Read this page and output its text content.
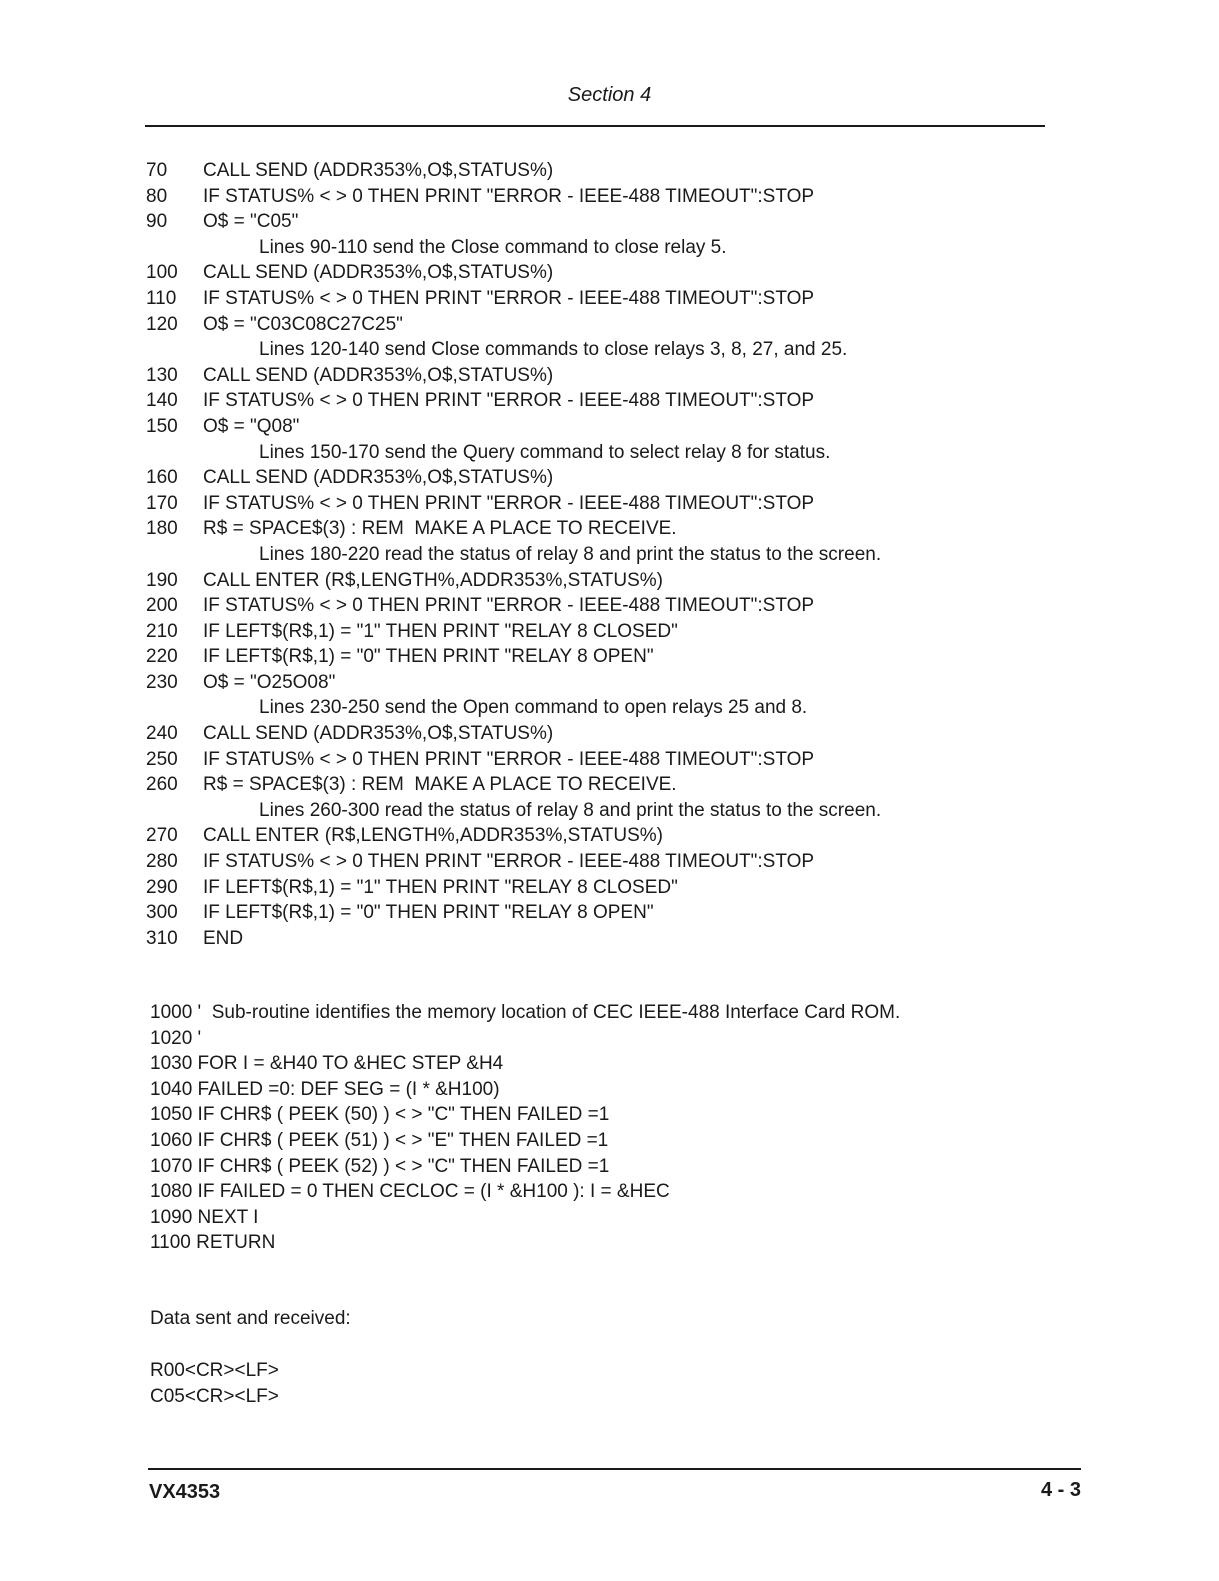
Section 4
70 CALL SEND (ADDR353%,O$,STATUS%)
80 IF STATUS% < > 0 THEN PRINT "ERROR - IEEE-488 TIMEOUT":STOP
90 O$ = "C05"
Lines 90-110 send the Close command to close relay 5.
100 CALL SEND (ADDR353%,O$,STATUS%)
110 IF STATUS% < > 0 THEN PRINT "ERROR - IEEE-488 TIMEOUT":STOP
120 O$ = "C03C08C27C25"
Lines 120-140 send Close commands to close relays 3, 8, 27, and 25.
130 CALL SEND (ADDR353%,O$,STATUS%)
140 IF STATUS% < > 0 THEN PRINT "ERROR - IEEE-488 TIMEOUT":STOP
150 O$ = "Q08"
Lines 150-170 send the Query command to select relay 8 for status.
160 CALL SEND (ADDR353%,O$,STATUS%)
170 IF STATUS% < > 0 THEN PRINT "ERROR - IEEE-488 TIMEOUT":STOP
180 R$ = SPACE$(3) : REM  MAKE A PLACE TO RECEIVE.
Lines 180-220 read the status of relay 8 and print the status to the screen.
190 CALL ENTER (R$,LENGTH%,ADDR353%,STATUS%)
200 IF STATUS% < > 0 THEN PRINT "ERROR - IEEE-488 TIMEOUT":STOP
210 IF LEFT$(R$,1) = "1" THEN PRINT "RELAY 8 CLOSED"
220 IF LEFT$(R$,1) = "0" THEN PRINT "RELAY 8 OPEN"
230 O$ = "O25O08"
Lines 230-250 send the Open command to open relays 25 and 8.
240 CALL SEND (ADDR353%,O$,STATUS%)
250 IF STATUS% < > 0 THEN PRINT "ERROR - IEEE-488 TIMEOUT":STOP
260 R$ = SPACE$(3) : REM  MAKE A PLACE TO RECEIVE.
Lines 260-300 read the status of relay 8 and print the status to the screen.
270 CALL ENTER (R$,LENGTH%,ADDR353%,STATUS%)
280 IF STATUS% < > 0 THEN PRINT "ERROR - IEEE-488 TIMEOUT":STOP
290 IF LEFT$(R$,1) = "1" THEN PRINT "RELAY 8 CLOSED"
300 IF LEFT$(R$,1) = "0" THEN PRINT "RELAY 8 OPEN"
310 END
1000 '  Sub-routine identifies the memory location of CEC IEEE-488 Interface Card ROM.
1020 '
1030 FOR I = &H40 TO &HEC STEP &H4
1040 FAILED =0: DEF SEG = (I * &H100)
1050 IF CHR$ ( PEEK (50) ) < > "C" THEN FAILED =1
1060 IF CHR$ ( PEEK (51) ) < > "E" THEN FAILED =1
1070 IF CHR$ ( PEEK (52) ) < > "C" THEN FAILED =1
1080 IF FAILED = 0 THEN CECLOC = (I * &H100 ): I = &HEC
1090 NEXT I
1100 RETURN
Data sent and received:
R00<CR><LF>
C05<CR><LF>
VX4353	4 - 3
